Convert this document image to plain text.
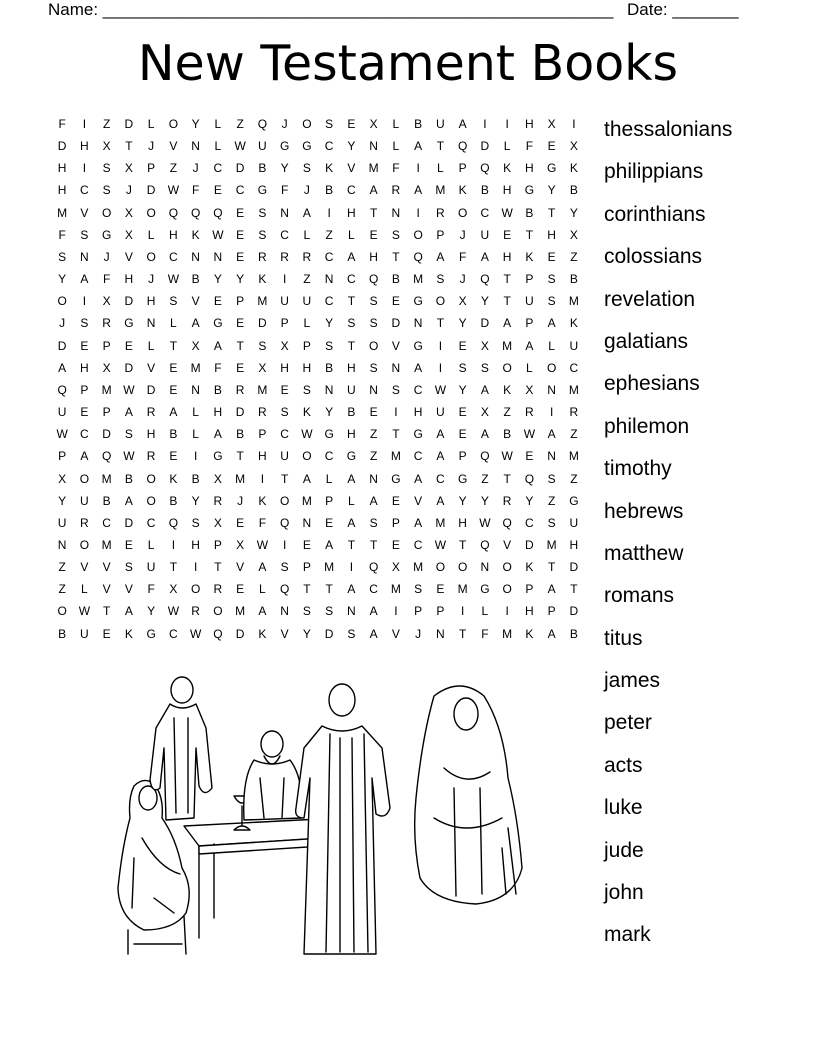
Name: ______________________________________________________ Date: _______
New Testament Books
F	I	Z	D	L	O	Y	L	Z	Q	J	O	S	E	X	L	B	U	A	I	I	H	X	I
D	H	X	T	J	V	N	L	W	U	G	G	C	Y	N	L	A	T	Q	D	L	F	E	X
H	I	S	X	P	Z	J	C	D	B	Y	S	K	V	M	F	I	L	P	Q	K	H	G	K
H	C	S	J	D	W	F	E	C	G	F	J	B	C	A	R	A	M	K	B	H	G	Y	B
M	V	O	X	O	Q	Q	Q	E	S	N	A	I	H	T	N	I	R	O	C	W	B	T	Y
F	S	G	X	L	H	K	W	E	S	C	L	Z	L	E	S	O	P	J	U	E	T	H	X
S	N	J	V	O	C	N	N	E	R	R	R	C	A	H	T	Q	A	F	A	H	K	E	Z
Y	A	F	H	J	W	B	Y	Y	K	I	Z	N	C	Q	B	M	S	J	Q	T	P	S	B
O	I	X	D	H	S	V	E	P	M	U	U	C	T	S	E	G	O	X	Y	T	U	S	M
J	S	R	G	N	L	A	G	E	D	P	L	Y	S	S	D	N	T	Y	D	A	P	A	K
D	E	P	E	L	T	X	A	T	S	X	P	S	T	O	V	G	I	E	X	M	A	L	U
A	H	X	D	V	E	M	F	E	X	H	H	B	H	S	N	A	I	S	S	O	L	O	C
Q	P	M W	D	E	N	B	R	M	E	S	N	U	N	S	C	W	Y	A	K	X	N	M
U	E	P	A	R	A	L	H	D	R	S	K	Y	B	E	I	H	U	E	X	Z	R	I	R
W	C	D	S	H	B	L	A	B	P	C	W G	H	Z	T	G	A	E	A	B	W	A	Z
P	A	Q W	R	E	I	G	T	H	U	O	C	G	Z	M	C	A	P	Q W	E	N	M
X	O	M	B	O	K	B	X	M	I	T	A	L	A	N	G	A	C	G	Z	T	Q	S	Z
Y	U	B	A	O	B	Y	R	J	K	O	M	P	L	A	E	V	A	Y	Y	R	Y	Z	G
U	R	C	D	C	Q	S	X	E	F	Q	N	E	A	S	P	A	M	H	W Q	C	S	U
N	O	M	E	L	I	H	P	X	W	I	E	A	T	T	E	C	W	T	Q	V	D	M	H
Z	V	V	S	U	T	I	T	V	A	S	P	M	I	Q	X	M	O	O	N	O	K	T	D
Z	L	V	V	F	X	O	R	E	L	Q	T	T	A	C	M	S	E	M	G	O	P	A	T
O W	T	A	Y	W	R	O	M	A	N	S	S	N	A	I	P	P	I	L	I	H	P	D
B	U	E	K	G	C	W Q	D	K	V	Y	D	S	A	V	J	N	T	F	M	K	A	B
thessalonians
philippians
corinthians
colossians
revelation
galatians
ephesians
philemon
timothy
hebrews
matthew
romans
titus
james
peter
acts
luke
jude
john
mark
